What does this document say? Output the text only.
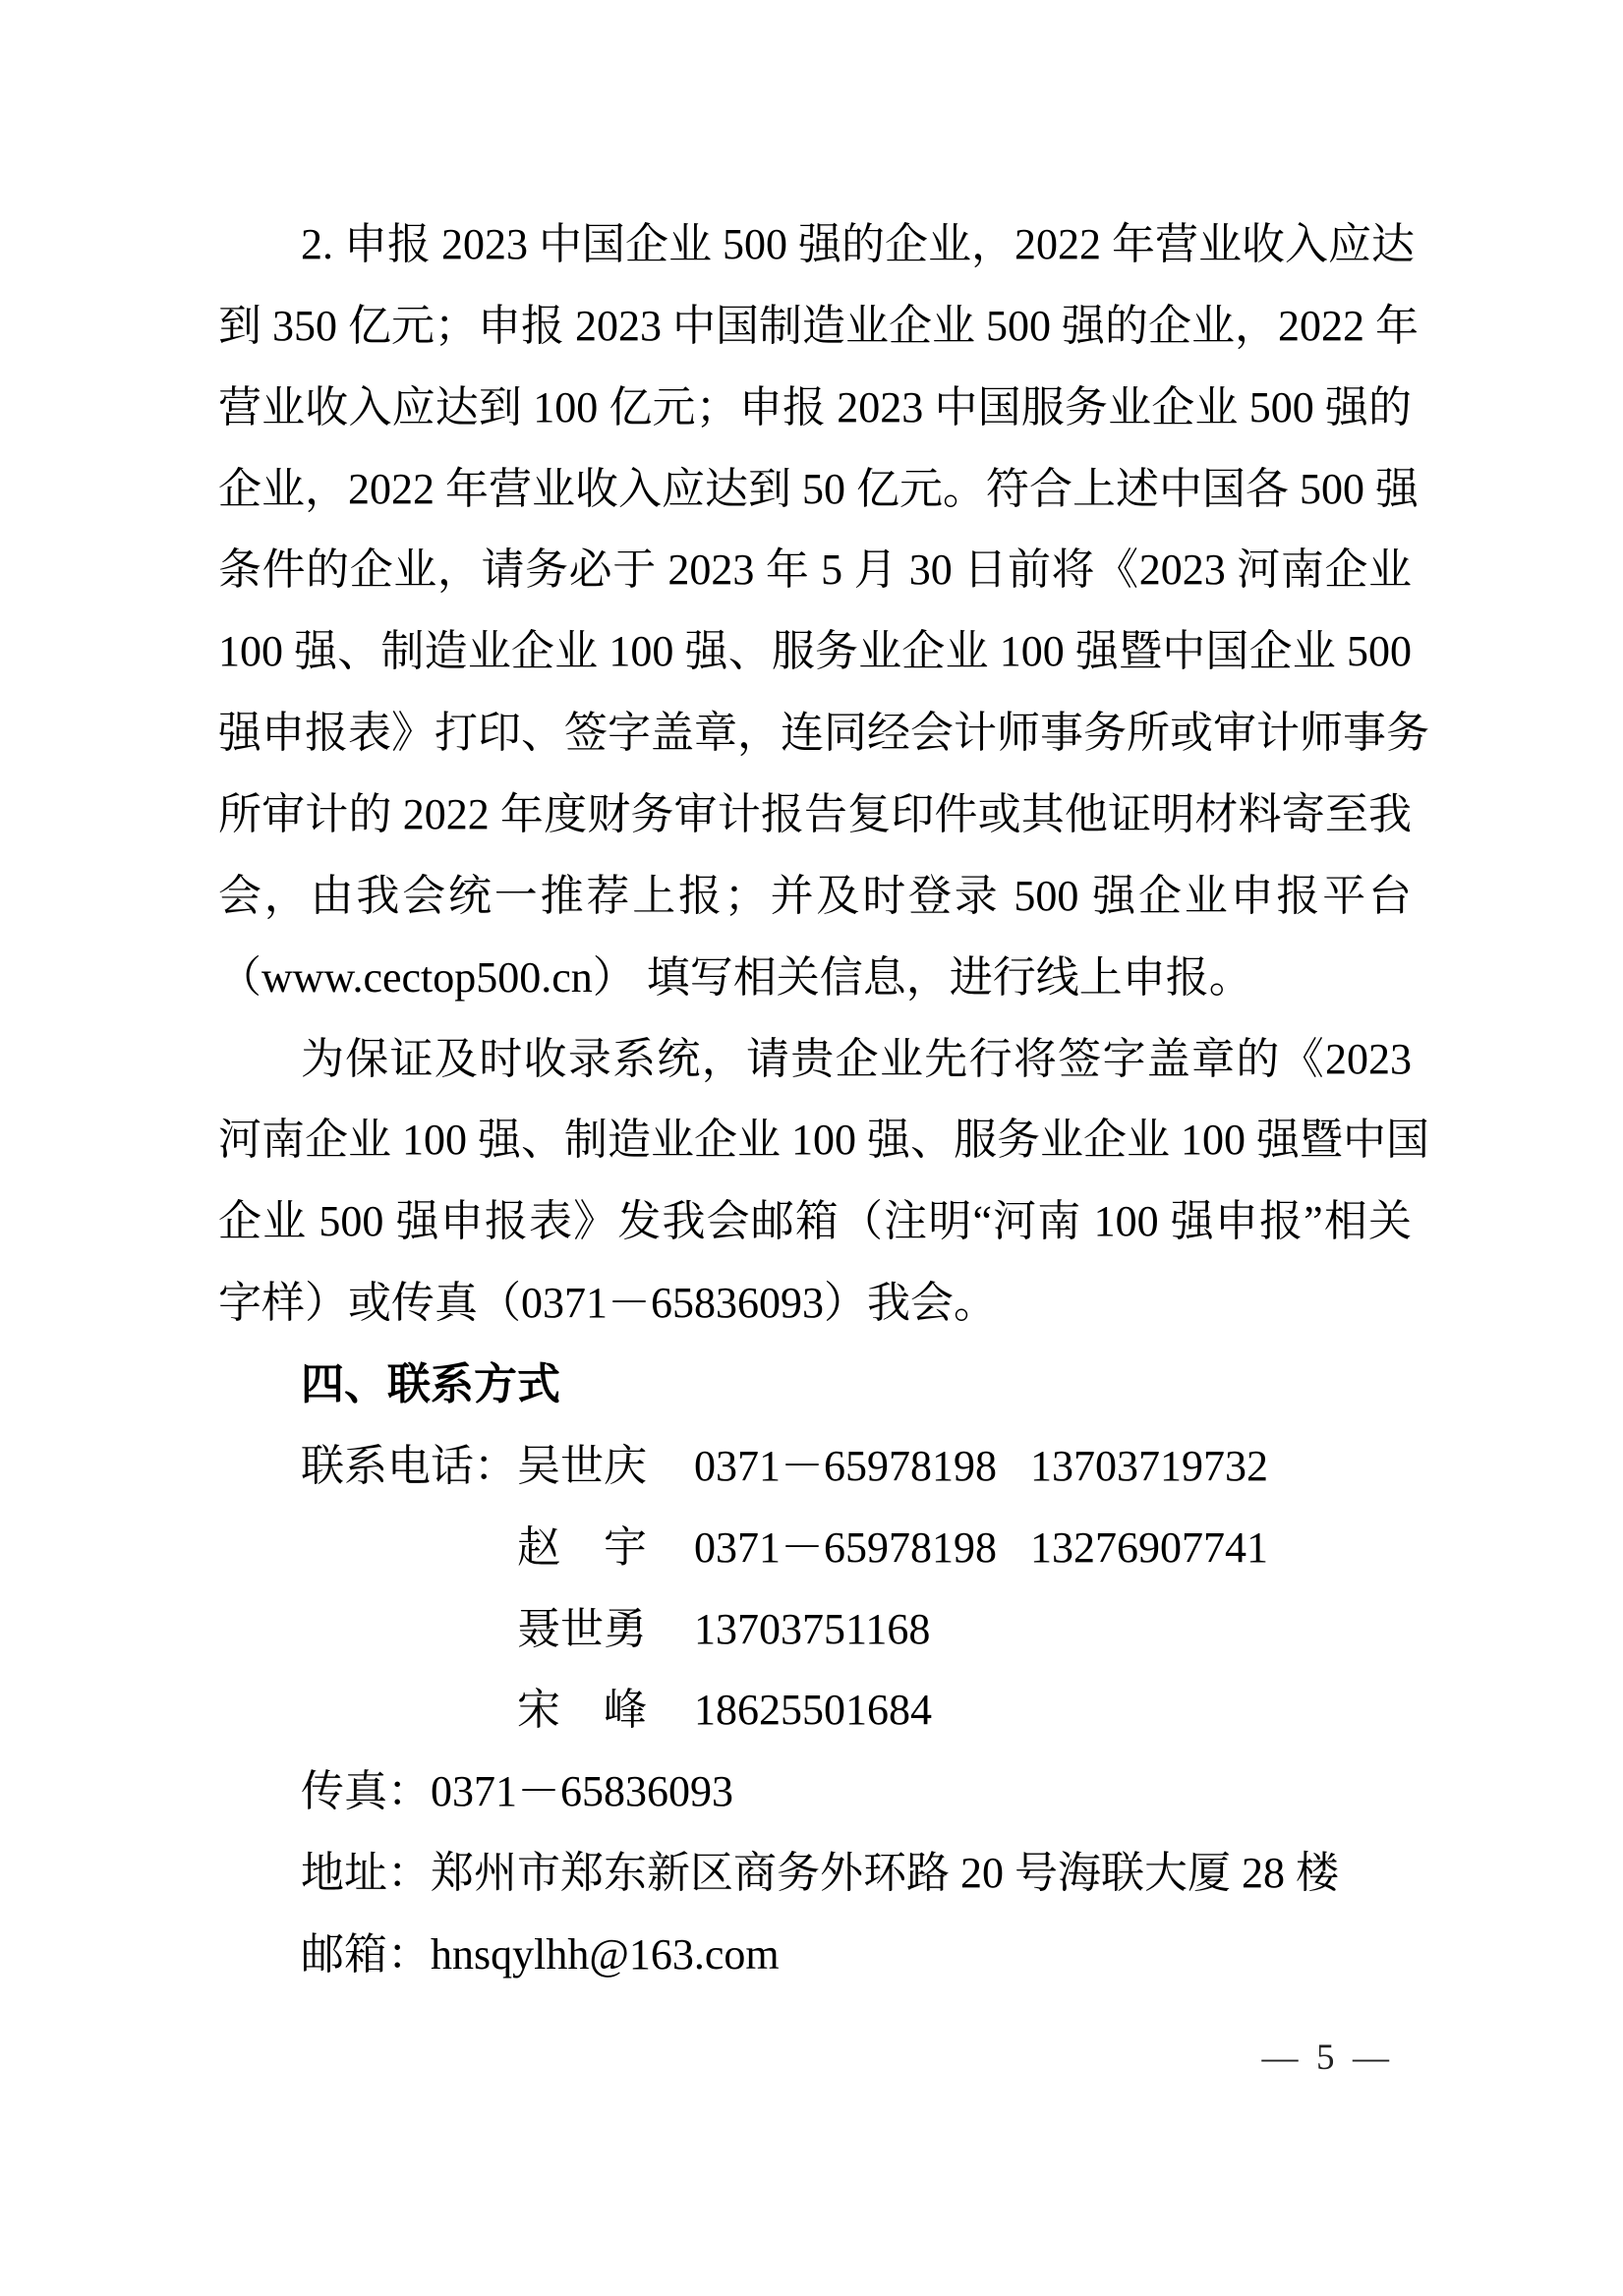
2. 申报 2023 中国企业 500 强的企业，2022 年营业收入应达
到 350 亿元；申报 2023 中国制造业企业 500 强的企业，2022 年
营业收入应达到 100 亿元；申报 2023 中国服务业企业 500 强的
企业，2022 年营业收入应达到 50 亿元。符合上述中国各 500 强
条件的企业，请务必于 2023 年 5 月 30 日前将《2023 河南企业
100 强、制造业企业 100 强、服务业企业 100 强暨中国企业 500
强申报表》打印、签字盖章，连同经会计师事务所或审计师事务
所审计的 2022 年度财务审计报告复印件或其他证明材料寄至我
会，由我会统一推荐上报；并及时登录 500 强企业申报平台
（www.cectop500.cn） 填写相关信息，进行线上申报。
为保证及时收录系统，请贵企业先行将签字盖章的《2023
河南企业 100 强、制造业企业 100 强、服务业企业 100 强暨中国
企业 500 强申报表》发我会邮箱（注明“河南 100 强申报”相关
字样）或传真（0371－65836093）我会。
四、联系方式
联系电话： 吴世庆	0371－65978198 13703719732
赵　宇	0371－65978198 13276907741
聂世勇	13703751168
宋　峰	18625501684
传真：0371－65836093
地址：郑州市郑东新区商务外环路 20 号海联大厦 28 楼
邮箱：hnsqylhh@163.com
—  5  —
